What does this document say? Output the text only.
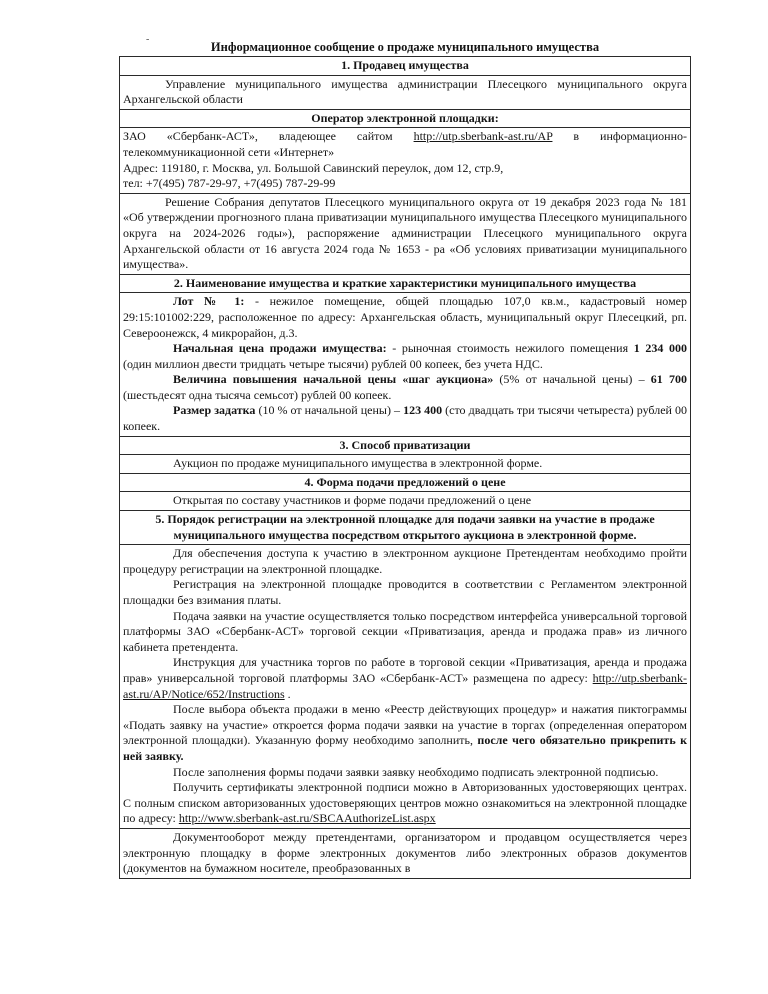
-
Информационное сообщение о продаже муниципального имущества
1. Продавец имущества

Управление муниципального имущества администрации Плесецкого муниципального округа Архангельской области

Оператор электронной площадки:

ЗАО «Сбербанк-АСТ», владеющее сайтом http://utp.sberbank-ast.ru/AP в информационно-телекоммуникационной сети «Интернет»

Адрес: 119180, г. Москва, ул. Большой Савинский переулок, дом 12, стр.9,

тел: +7(495) 787-29-97, +7(495) 787-29-99

Решение Собрания депутатов Плесецкого муниципального округа от 19 декабря 2023 года № 181 «Об утверждении прогнозного плана приватизации муниципального имущества Плесецкого муниципального округа на 2024-2026 годы»), распоряжение администрации Плесецкого муниципального округа Архангельской области от 16 августа 2024 года № 1653 - ра «Об условиях приватизации муниципального имущества».

2. Наименование имущества и краткие характеристики муниципального имущества

Лот № 1: - нежилое помещение, общей площадью 107,0 кв.м., кадастровый номер 29:15:101002:229, расположенное по адресу: Архангельская область, муниципальный округ Плесецкий, рп. Североонежск, 4 микрорайон, д.3.

Начальная цена продажи имущества: - рыночная стоимость нежилого помещения 1 234 000 (один миллион двести тридцать четыре тысячи) рублей 00 копеек, без учета НДС.

Величина повышения начальной цены «шаг аукциона» (5% от начальной цены) – 61 700 (шестьдесят одна тысяча семьсот) рублей 00 копеек.

Размер задатка (10 % от начальной цены) – 123 400 (сто двадцать три тысячи четыреста) рублей 00 копеек.

3. Способ приватизации

Аукцион по продаже муниципального имущества в электронной форме.

4. Форма подачи предложений о цене

Открытая по составу участников и форме подачи предложений о цене

5. Порядок регистрации на электронной площадке для подачи заявки на участие в продаже муниципального имущества посредством открытого аукциона в электронной форме.

Для обеспечения доступа к участию в электронном аукционе Претендентам необходимо пройти процедуру регистрации на электронной площадке.

Регистрация на электронной площадке проводится в соответствии с Регламентом электронной площадки без взимания платы.

Подача заявки на участие осуществляется только посредством интерфейса универсальной торговой платформы ЗАО «Сбербанк-АСТ» торговой секции «Приватизация, аренда и продажа прав» из личного кабинета претендента.

Инструкция для участника торгов по работе в торговой секции «Приватизация, аренда и продажа прав» универсальной торговой платформы ЗАО «Сбербанк-АСТ» размещена по адресу: http://utp.sberbank-ast.ru/AP/Notice/652/Instructions .

После выбора объекта продажи в меню «Реестр действующих процедур» и нажатия пиктограммы «Подать заявку на участие» откроется форма подачи заявки на участие в торгах (определенная оператором электронной площадки). Указанную форму необходимо заполнить, после чего обязательно прикрепить к ней заявку.

После заполнения формы подачи заявки заявку необходимо подписать электронной подписью.

Получить сертификаты электронной подписи можно в Авторизованных удостоверяющих центрах. С полным списком авторизованных удостоверяющих центров можно ознакомиться на электронной площадке по адресу: http://www.sberbank-ast.ru/SBCAAuthorizeList.aspx

Документооборот между претендентами, организатором и продавцом осуществляется через электронную площадку в форме электронных документов либо электронных образов документов (документов на бумажном носителе, преобразованных в
